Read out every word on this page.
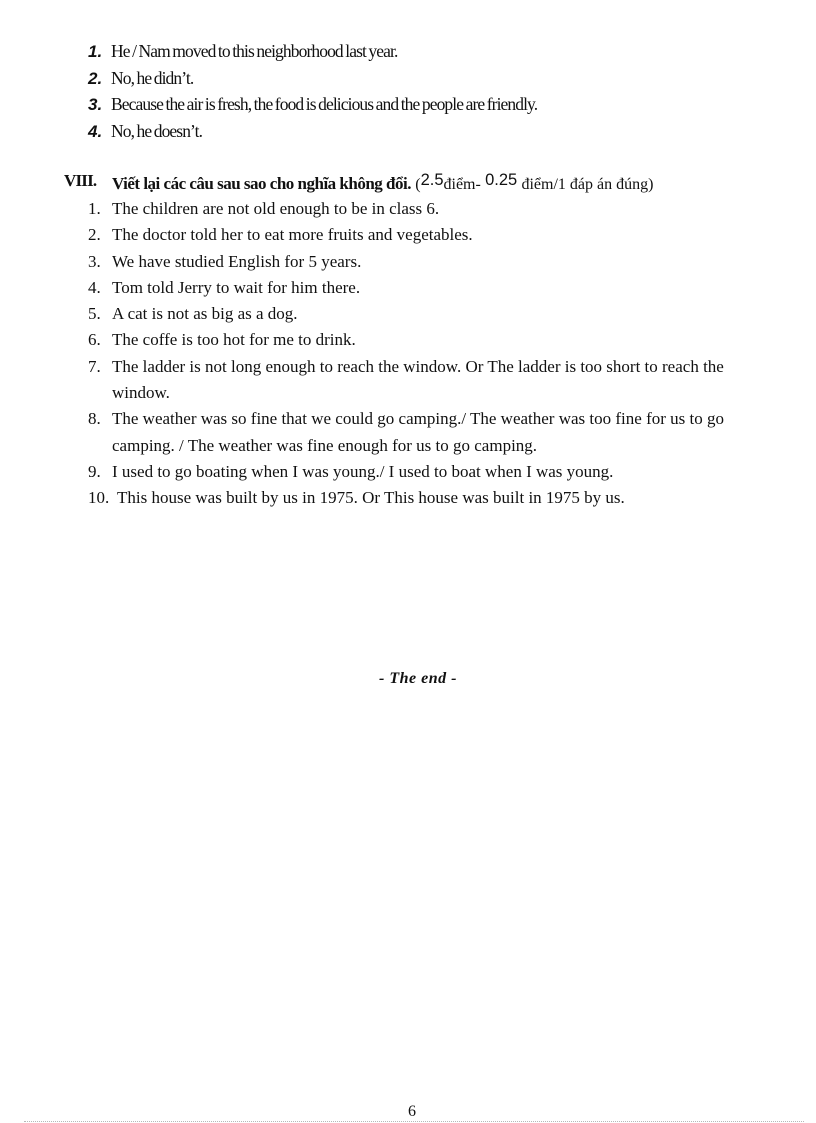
1. He / Nam moved to this neighborhood last year.
2. No, he didn’t.
3. Because the air is fresh, the food is delicious and the people are friendly.
4. No, he doesn’t.
VIII. Viết lại các câu sau sao cho nghĩa không đổi. (2.5điểm- 0.25 điểm/1 đáp án đúng)
1. The children are not old enough to be in class 6.
2. The doctor told her to eat more fruits and vegetables.
3. We have studied English for 5 years.
4. Tom told Jerry to wait for him there.
5. A cat is not as big as a dog.
6. The coffe is too hot for me to drink.
7. The ladder is not long enough to reach the window. Or The ladder is too short to reach the window.
8. The weather was so fine that we could go camping./ The weather was too fine for us to go camping. / The weather was fine enough for us to go camping.
9. I used to go boating when I was young./ I used to boat when I was young.
10. This house was built by us in 1975. Or This house was built in 1975 by us.
- The end -
6
